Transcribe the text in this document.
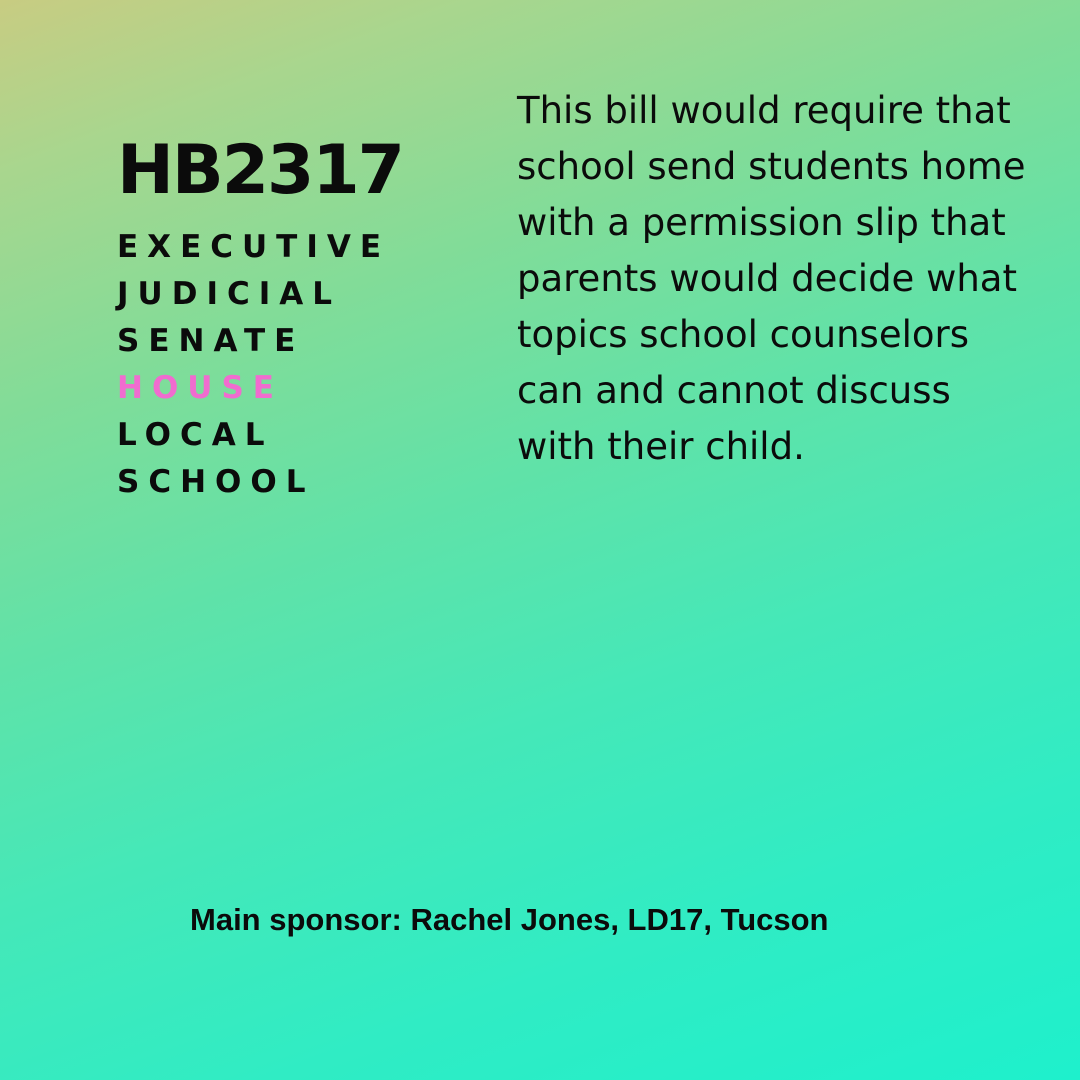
HB2317
EXECUTIVE
JUDICIAL
SENATE
HOUSE
LOCAL
SCHOOL

This bill would require that school send students home with a permission slip that parents would decide what topics school counselors can and cannot discuss with their child.

Main sponsor: Rachel Jones, LD17, Tucson
